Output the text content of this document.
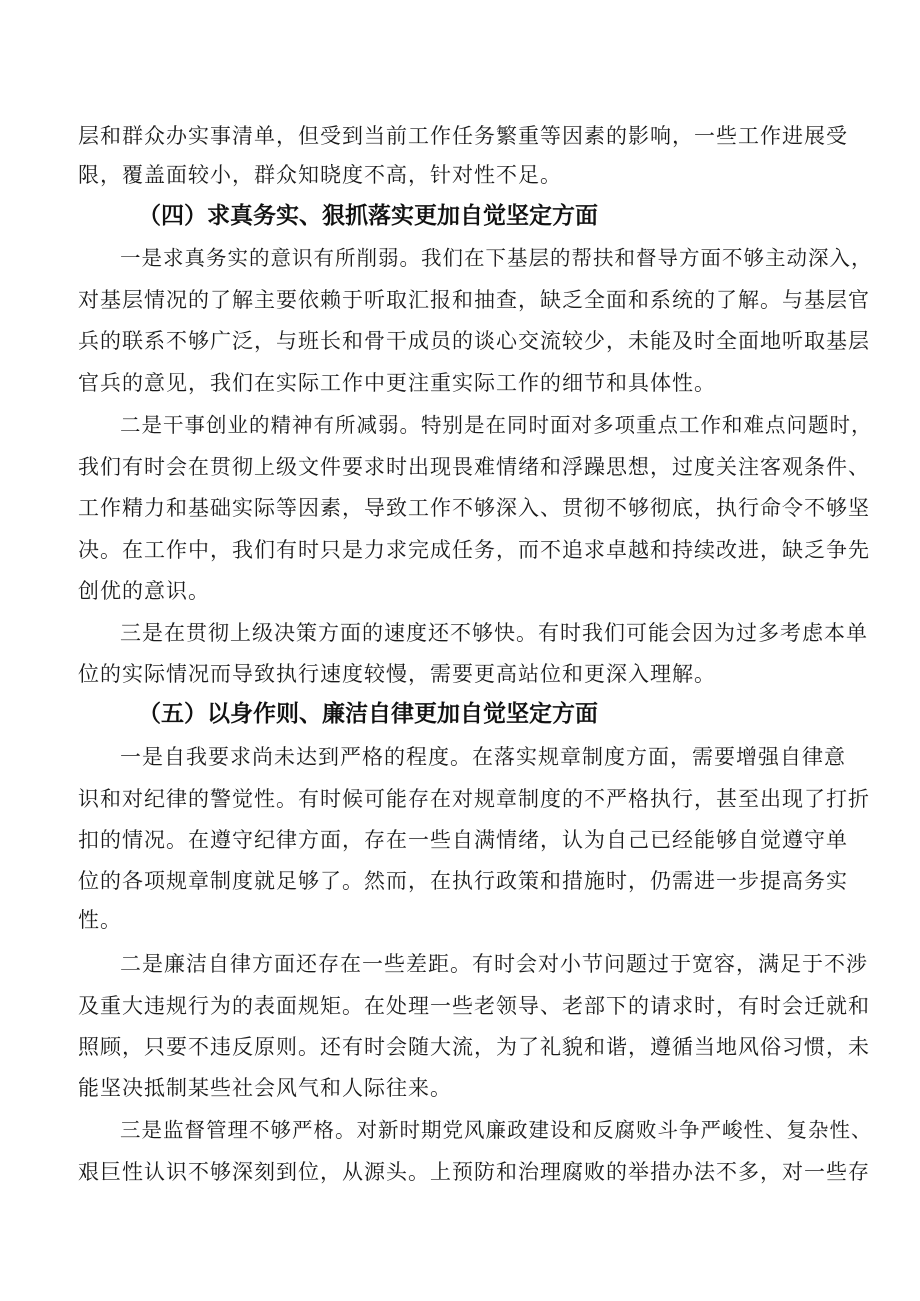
层和群众办实事清单，但受到当前工作任务繁重等因素的影响，一些工作进展受
限，覆盖面较小，群众知晓度不高，针对性不足。
（四）求真务实、狠抓落实更加自觉坚定方面
一是求真务实的意识有所削弱。我们在下基层的帮扶和督导方面不够主动深入，
对基层情况的了解主要依赖于听取汇报和抽查，缺乏全面和系统的了解。与基层官
兵的联系不够广泛，与班长和骨干成员的谈心交流较少，未能及时全面地听取基层
官兵的意见，我们在实际工作中更注重实际工作的细节和具体性。
二是干事创业的精神有所减弱。特别是在同时面对多项重点工作和难点问题时，
我们有时会在贯彻上级文件要求时出现畏难情绪和浮躁思想，过度关注客观条件、
工作精力和基础实际等因素，导致工作不够深入、贯彻不够彻底，执行命令不够坚
决。在工作中，我们有时只是力求完成任务，而不追求卓越和持续改进，缺乏争先
创优的意识。
三是在贯彻上级决策方面的速度还不够快。有时我们可能会因为过多考虑本单
位的实际情况而导致执行速度较慢，需要更高站位和更深入理解。
（五）以身作则、廉洁自律更加自觉坚定方面
一是自我要求尚未达到严格的程度。在落实规章制度方面，需要增强自律意
识和对纪律的警觉性。有时候可能存在对规章制度的不严格执行，甚至出现了打折
扣的情况。在遵守纪律方面，存在一些自满情绪，认为自己已经能够自觉遵守单
位的各项规章制度就足够了。然而，在执行政策和措施时，仍需进一步提高务实
性。
二是廉洁自律方面还存在一些差距。有时会对小节问题过于宽容，满足于不涉
及重大违规行为的表面规矩。在处理一些老领导、老部下的请求时，有时会迁就和
照顾，只要不违反原则。还有时会随大流，为了礼貌和谐，遵循当地风俗习惯，未
能坚决抵制某些社会风气和人际往来。
三是监督管理不够严格。对新时期党风廉政建设和反腐败斗争严峻性、复杂性、
艰巨性认识不够深刻到位，从源头。上预防和治理腐败的举措办法不多，对一些存
